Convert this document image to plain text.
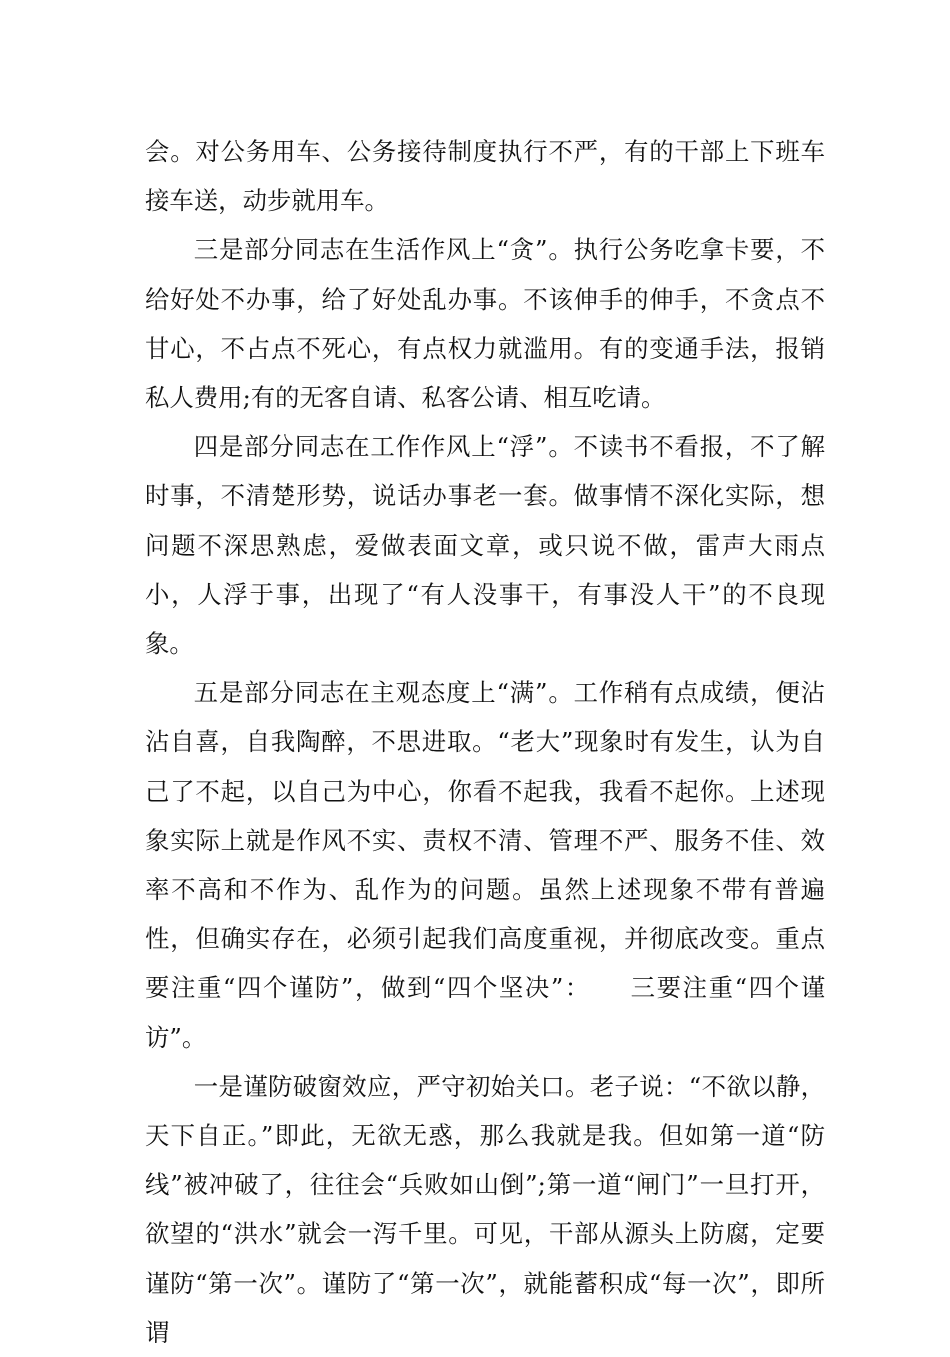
会。对公务用车、公务接待制度执行不严，有的干部上下班车接车送，动步就用车。

三是部分同志在生活作风上“贪”。执行公务吃拿卡要，不给好处不办事，给了好处乱办事。不该伸手的伸手，不贪点不甘心，不占点不死心，有点权力就滥用。有的变通手法，报销私人费用;有的无客自请、私客公请、相互吃请。

四是部分同志在工作作风上“浮”。不读书不看报，不了解时事，不清楚形势，说话办事老一套。做事情不深化实际，想问题不深思熟虑，爱做表面文章，或只说不做，雷声大雨点小，人浮于事，出现了“有人没事干，有事没人干”的不良现象。

五是部分同志在主观态度上“满”。工作稍有点成绩，便沾沾自喜，自我陶醉，不思进取。“老大”现象时有发生，认为自己了不起，以自己为中心，你看不起我，我看不起你。上述现象实际上就是作风不实、责权不清、管理不严、服务不佳、效率不高和不作为、乱作为的问题。虽然上述现象不带有普遍性，但确实存在，必须引起我们高度重视，并彻底改变。重点要注重“四个谨防”，做到“四个坚决”：　　三要注重“四个谨访”。

一是谨防破窗效应，严守初始关口。老子说：“不欲以静，天下自正。”即此，无欲无惑，那么我就是我。但如第一道“防线”被冲破了，往往会“兵败如山倒”;第一道“闸门”一旦打开，欲望的“洪水”就会一泻千里。可见，干部从源头上防腐，定要谨防“第一次”。谨防了“第一次”，就能蓄积成“每一次”，即所谓
